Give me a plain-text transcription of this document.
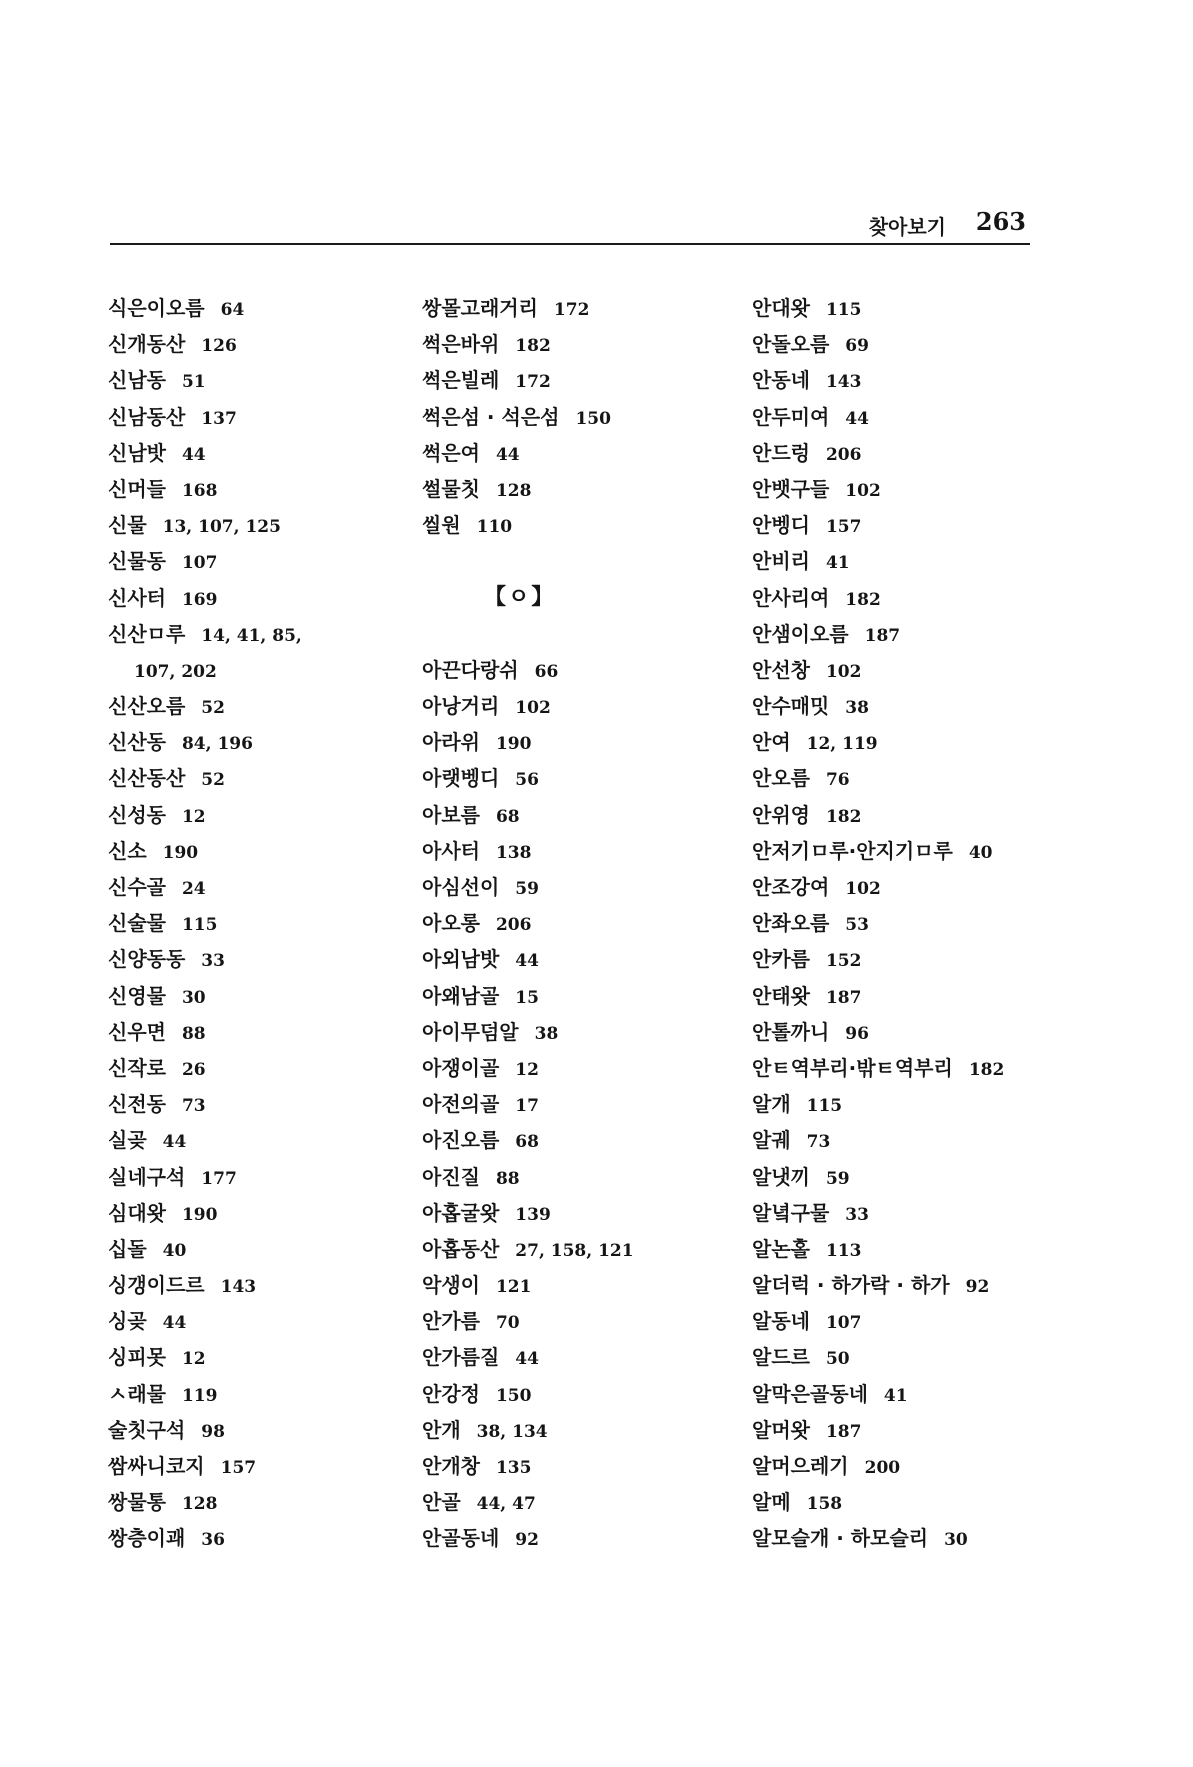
찾아보기 263
식은이오름 64
신개동산 126
신남동 51
신남동산 137
신남밧 44
신머들 168
신물 13, 107, 125
신물동 107
신사터 169
신산ㅁ루 14, 41, 85,
107, 202
신산오름 52
신산동 84, 196
신산동산 52
신성동 12
신소 190
신수골 24
신술물 115
신양동동 33
신영물 30
신우면 88
신작로 26
신전동 73
실곶 44
실네구석 177
심대왓 190
십돌 40
싱갱이드르 143
싱곶 44
싱피못 12
ㅅ래물 119
술칫구석 98
쌈싸니코지 157
쌍물통 128
쌍층이괘 36
쌍몰고래거리 172
썩은바위 182
썩은빌레 172
썩은섬 · 석은섬 150
썩은여 44
썰물칫 128
씰원 110
【ㅇ】
아끈다랑쉬 66
아낭거리 102
아라위 190
아랫벵디 56
아보름 68
아사터 138
아심선이 59
아오롱 206
아외남밧 44
아왜남골 15
아이무덤알 38
아쟁이골 12
아전의골 17
아진오름 68
아진질 88
아홉굴왓 139
아홉동산 27, 158, 121
악생이 121
안가름 70
안가름질 44
안강정 150
안개 38, 134
안개창 135
안골 44, 47
안골동네 92
안대왓 115
안돌오름 69
안동네 143
안두미여 44
안드렁 206
안뱃구들 102
안벵디 157
안비리 41
안사리여 182
안샘이오름 187
안선창 102
안수매밋 38
안여 12, 119
안오름 76
안위영 182
안저기ㅁ루·안지기ㅁ루 40
안조강여 102
안좌오름 53
안카름 152
안태왓 187
안톨까니 96
안ㅌ역부리·밖ㅌ역부리 182
알개 115
알궤 73
알냇끼 59
알녘구물 33
알논홀 113
알더럭 · 하가락 · 하가 92
알동네 107
알드르 50
알막은골동네 41
알머왓 187
알머으레기 200
알메 158
알모슬개 · 하모슬리 30
